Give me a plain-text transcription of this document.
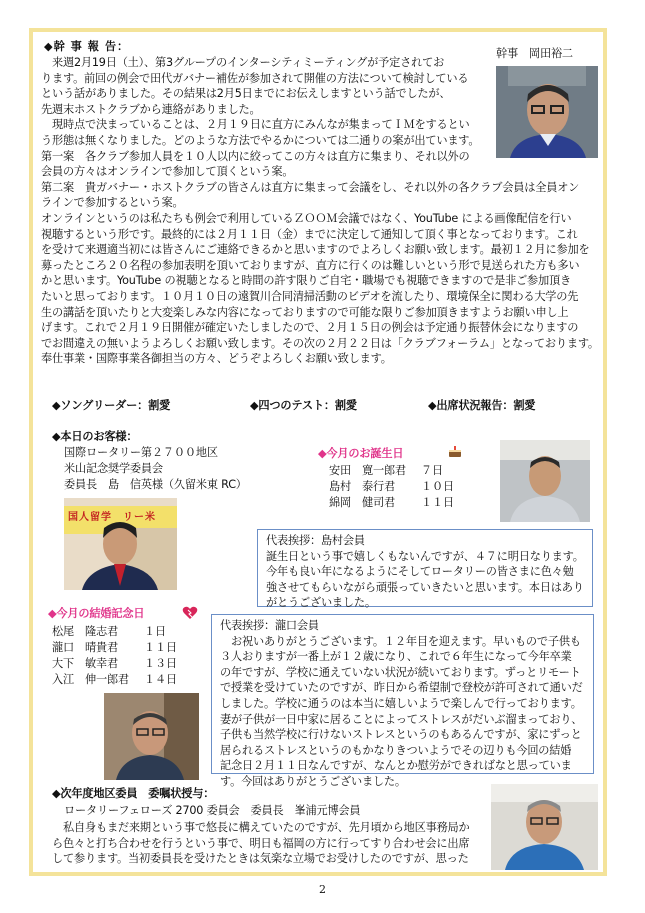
◆幹 事 報 告：
幹事　岡田裕二
　来週2月19日（土）、第3グループのインターシティミーティングが予定されてお
ります。前回の例会で田代ガバナー補佐が参加されて開催の方法について検討している
という話がありました。その結果は2月5日までにお伝えしますという話でしたが、
先週末ホストクラブから連絡がありました。
　現時点で決まっていることは、２月１９日に直方にみんなが集まってＩＭをするとい
う形態は無くなりました。どのような方法でやるかについては二通りの案が出ています。
第一案　各クラブ参加人員を１０人以内に絞ってこの方々は直方に集まり、それ以外の
会員の方々はオンラインで参加して頂くという案。
第二案　貴ガバナー・ホストクラブの皆さんは直方に集まって会議をし、それ以外の各クラブ会員は全員オン
ラインで参加するという案。
オンラインというのは私たちも例会で利用しているＺＯＯＭ会議ではなく、YouTube による画像配信を行い
視聴するという形です。最終的には２月１１日（金）までに決定して通知して頂く事となっております。これ
を受けて来週適当初には皆さんにご連絡できるかと思いますのでよろしくお願い致します。最初１２月に参加を
募ったところ２０名程の参加表明を頂いておりますが、直方に行くのは難しいという形で見送られた方も多い
かと思います。YouTube の視聴となると時間の許す限りご自宅・職場でも視聴できますので是非ご参加頂き
たいと思っております。１０月１０日の遠賀川合同清掃活動のビデオを流したり、環境保全に関わる大学の先
生の講話を頂いたりと大変楽しみな内容になっておりますので可能な限りご参加頂きますようお願い申し上
げます。これで２月１９日開催が確定いたしましたので、２月１５日の例会は予定通り振替休会になりますの
でお間違えの無いようよろしくお願い致します。その次の２月２２日は「クラブフォーラム」となっております。
奉仕事業・国際事業各御担当の方々、どうぞよろしくお願い致します。
◆ソングリーダー：割愛	◆四つのテスト：割愛	◆出席状況報告：割愛
◆本日のお客様：
国際ロータリー第２７００地区
米山記念奨学委員会
委員長　島　信英様（久留米東 RC）
国人留学　リー米
◆今月のお誕生日
安田　寛一郎君	７日
島村　泰行君	１０日
綿岡　健司君	１１日
代表挨拶：島村会員
誕生日という事で嬉しくもないんですが、４７に明日なります。
今年も良い年になるようにそしてロータリーの皆さまに色々勉
強させてもらいながら頑張っていきたいと思います。本日はあり
がとうございました。
◆今月の結婚記念日
松尾　隆志君	１日
瀧口　晴貴君	１１日
大下　敏幸君	１３日
入江　伸一郎君	１４日
代表挨拶：瀧口会員
　お祝いありがとうございます。１２年目を迎えます。早いもので子供も
３人おりますが一番上が１２歳になり、これで６年生になって今年卒業
の年ですが、学校に通えていない状況が続いております。ずっとリモート
で授業を受けていたのですが、昨日から希望制で登校が許可されて通いだ
しました。学校に通うのは本当に嬉しいようで楽しんで行っております。
妻が子供が一日中家に居ることによってストレスがだいぶ溜まっており、
子供も当然学校に行けないストレスというのもあるんですが、家にずっと
居られるストレスというのもかなりきついようでその辺りも今回の結婚
記念日２月１１日なんですが、なんとか慰労ができればなと思っていま
す。今回はありがとうございました。
◆次年度地区委員　委嘱状授与：
ロータリーフェローズ 2700 委員会　委員長　峯浦元博会員
　私自身もまだ来期という事で悠長に構えていたのですが、先月頃から地区事務局か
ら色々と打ち合わせを行うという事で、明日も福岡の方に行ってすり合わせ会に出席
して参ります。当初委員長を受けたときは気楽な立場でお受けしたのですが、思った
2
